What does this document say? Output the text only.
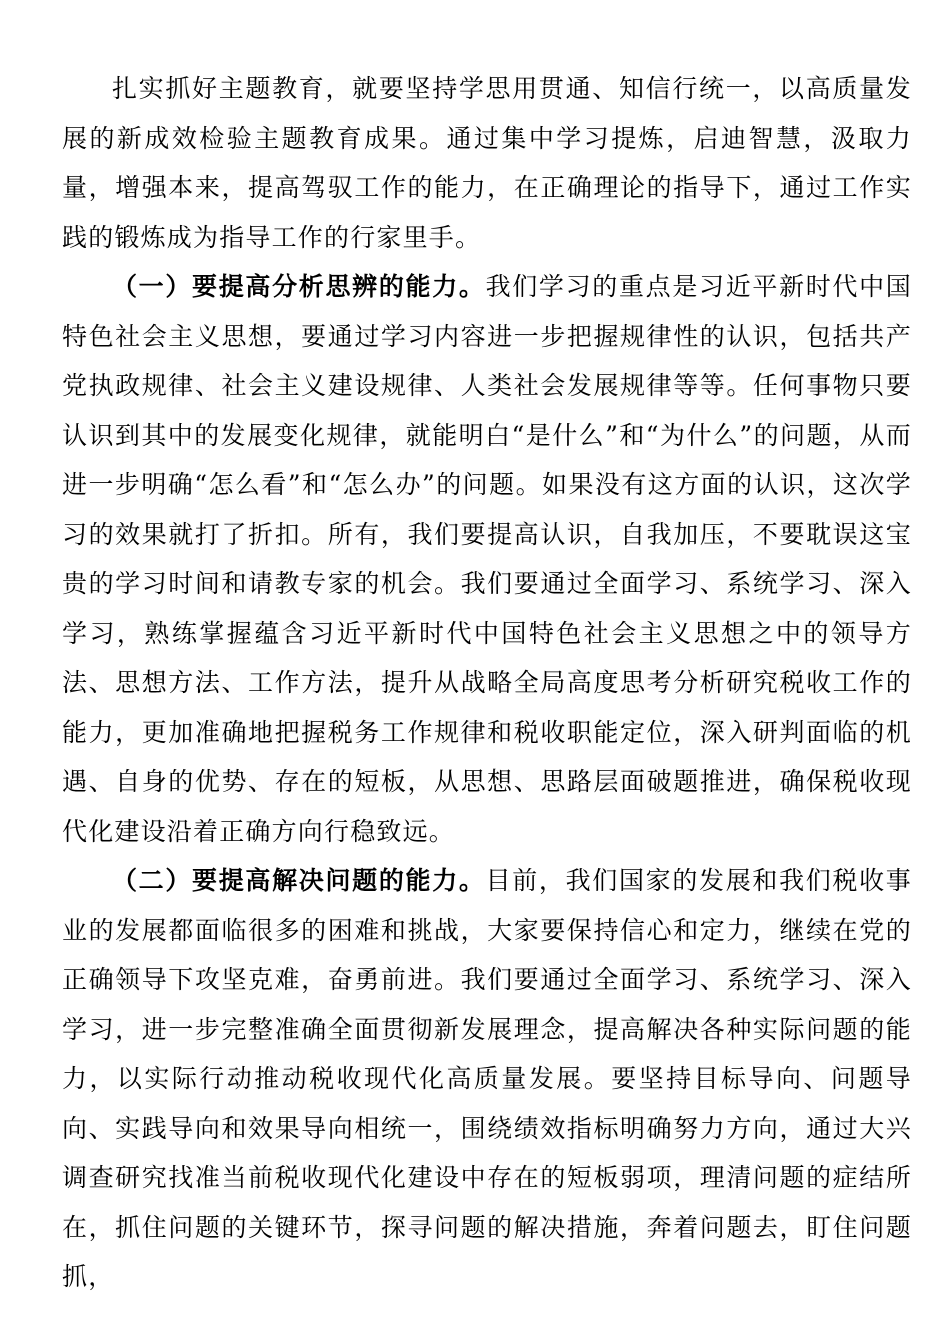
扎实抓好主题教育，就要坚持学思用贯通、知信行统一，以高质量发展的新成效检验主题教育成果。通过集中学习提炼，启迪智慧，汲取力量，增强本来，提高驾驭工作的能力，在正确理论的指导下，通过工作实践的锻炼成为指导工作的行家里手。

（一）要提高分析思辨的能力。我们学习的重点是习近平新时代中国特色社会主义思想，要通过学习内容进一步把握规律性的认识，包括共产党执政规律、社会主义建设规律、人类社会发展规律等等。任何事物只要认识到其中的发展变化规律，就能明白“是什么”和“为什么”的问题，从而进一步明确“怎么看”和“怎么办”的问题。如果没有这方面的认识，这次学习的效果就打了折扣。所有，我们要提高认识，自我加压，不要耽误这宝贵的学习时间和请教专家的机会。我们要通过全面学习、系统学习、深入学习，熟练掌握蕴含习近平新时代中国特色社会主义思想之中的领导方法、思想方法、工作方法，提升从战略全局高度思考分析研究税收工作的能力，更加准确地把握税务工作规律和税收职能定位，深入研判面临的机遇、自身的优势、存在的短板，从思想、思路层面破题推进，确保税收现代化建设沿着正确方向行稳致远。

（二）要提高解决问题的能力。目前，我们国家的发展和我们税收事业的发展都面临很多的困难和挑战，大家要保持信心和定力，继续在党的正确领导下攻坚克难，奋勇前进。我们要通过全面学习、系统学习、深入学习，进一步完整准确全面贯彻新发展理念，提高解决各种实际问题的能力，以实际行动推动税收现代化高质量发展。要坚持目标导向、问题导向、实践导向和效果导向相统一，围绕绩效指标明确努力方向，通过大兴调查研究找准当前税收现代化建设中存在的短板弱项，理清问题的症结所在，抓住问题的关键环节，探寻问题的解决措施，奔着问题去，盯住问题抓，
